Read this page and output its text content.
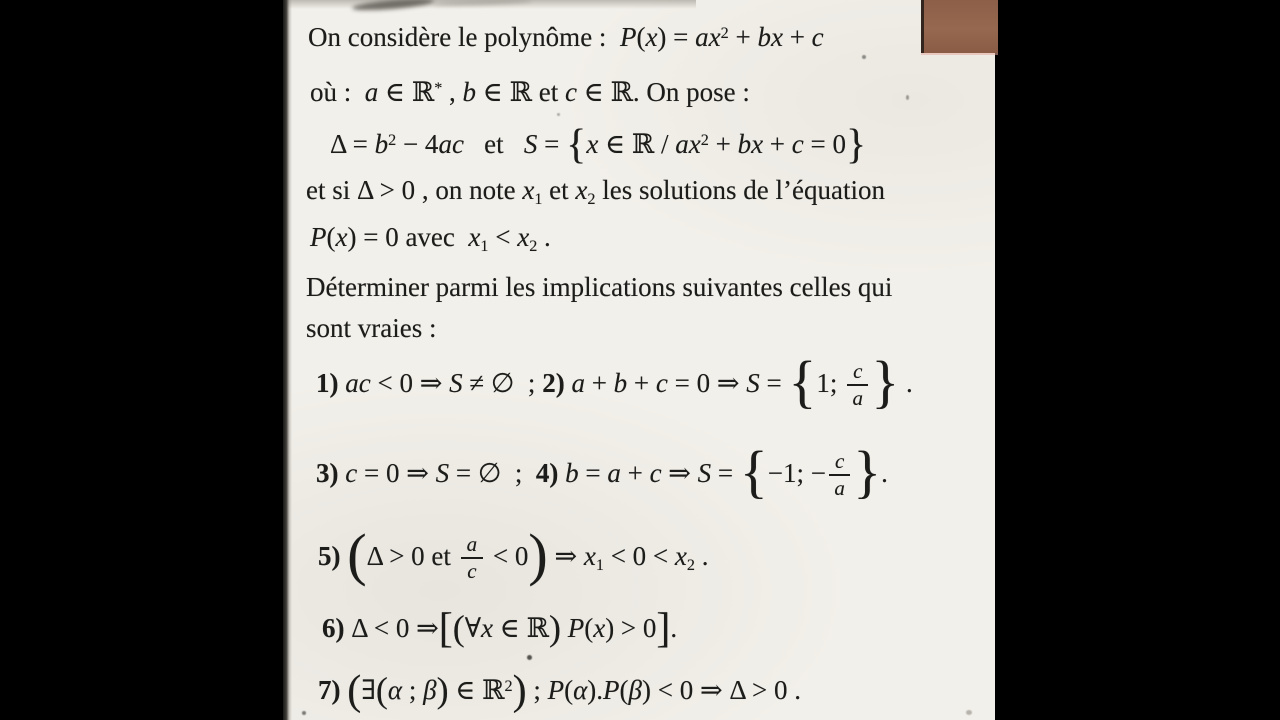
On considère le polynôme :  $P(x) = ax^2$ + bx + c
où :  a ∈ ℝ* , b ∈ ℝ et c ∈ ℝ. On pose :
$\Delta = b^2 - 4ac$   et   S = {x ∈ ℝ / $ax^2$ + bx + c = 0}
et si Δ > 0 , on note x1 et x2 les solutions de l’équation
P(x) = 0 avec  x1 < x2 .
Déterminer parmi les implications suivantes celles qui
sont vraies :
1) ac < 0 ⇒ S ≠ ∅  ; 2) a + b + c = 0 ⇒ S = {1; $\frac{c}{a}$ } .
3) c = 0 ⇒ S = ∅  ;  4) b = a + c ⇒ S = {−1; − $\frac{c}{a}$ }.
5) (Δ > 0 et $\frac{a}{c} < 0$) ⇒ x1 < 0 < x2 .
6) Δ < 0 ⇒[(∀x ∈ ℝ) P(x) > 0].
7) (∃(α ; β) ∈ ℝ$^2$) ; P(α).P(β) < 0 ⇒ Δ > 0 .
